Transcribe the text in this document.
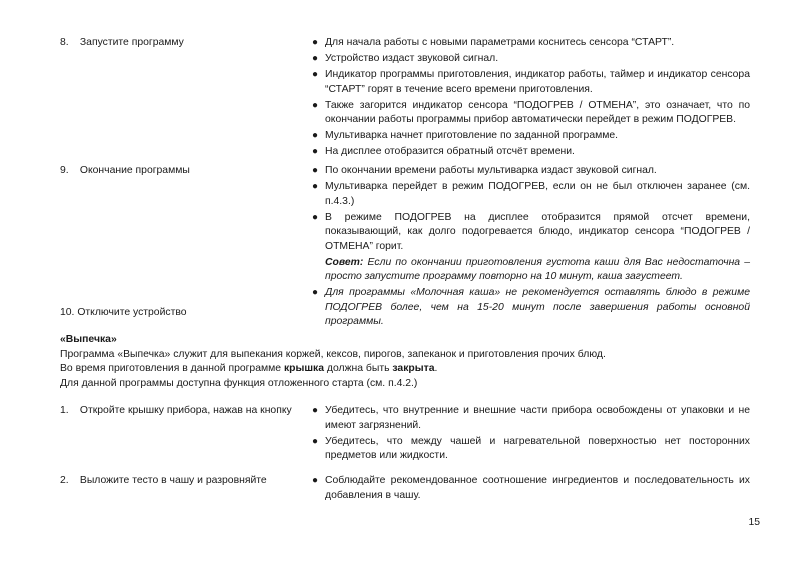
8. Запустите программу	● Для начала работы с новыми параметрами коснитесь сенсора “СТАРТ”.
● Устройство издаст звуковой сигнал.
● Индикатор программы приготовления, индикатор работы, таймер и индикатор сенсора “СТАРТ” горят в течение всего времени приготовления.
● Также загорится индикатор сенсора “ПОДОГРЕВ / ОТМЕНА”, это означает, что по окончании работы программы прибор автоматически перейдет в режим ПОДОГРЕВ.
● Мультиварка начнет приготовление по заданной программе.
● На дисплее отобразится обратный отсчёт времени.
9. Окончание программы	● По окончании времени работы мультиварка издаст звуковой сигнал.
● Мультиварка перейдет в режим ПОДОГРЕВ, если он не был отключен заранее (см. п.4.3.)
● В режиме ПОДОГРЕВ на дисплее отобразится прямой отсчет времени, показывающий, как долго подогревается блюдо, индикатор сенсора “ПОДОГРЕВ / ОТМЕНА” горит.
Совет: Если по окончании приготовления густота каши для Вас недостаточна – просто запустите программу повторно на 10 минут, каша загустеет.
● Для программы «Молочная каша» не рекомендуется оставлять блюдо в режиме ПОДОГРЕВ более, чем на 15-20 минут после завершения работы основной программы.
10. Отключите устройство
«Выпечка»
Программа «Выпечка» служит для выпекания коржей, кексов, пирогов, запеканок и приготовления прочих блюд.
Во время приготовления в данной программе крышка должна быть закрыта.
Для данной программы доступна функция отложенного старта (см. п.4.2.)
1. Откройте крышку прибора, нажав на кнопку	● Убедитесь, что внутренние и внешние части прибора освобождены от упаковки и не имеют загрязнений.
● Убедитесь, что между чашей и нагревательной поверхностью нет посторонних предметов или жидкости.
2. Выложите тесто в чашу и разровняйте	● Соблюдайте рекомендованное соотношение ингредиентов и последовательность их добавления в чашу.
15
